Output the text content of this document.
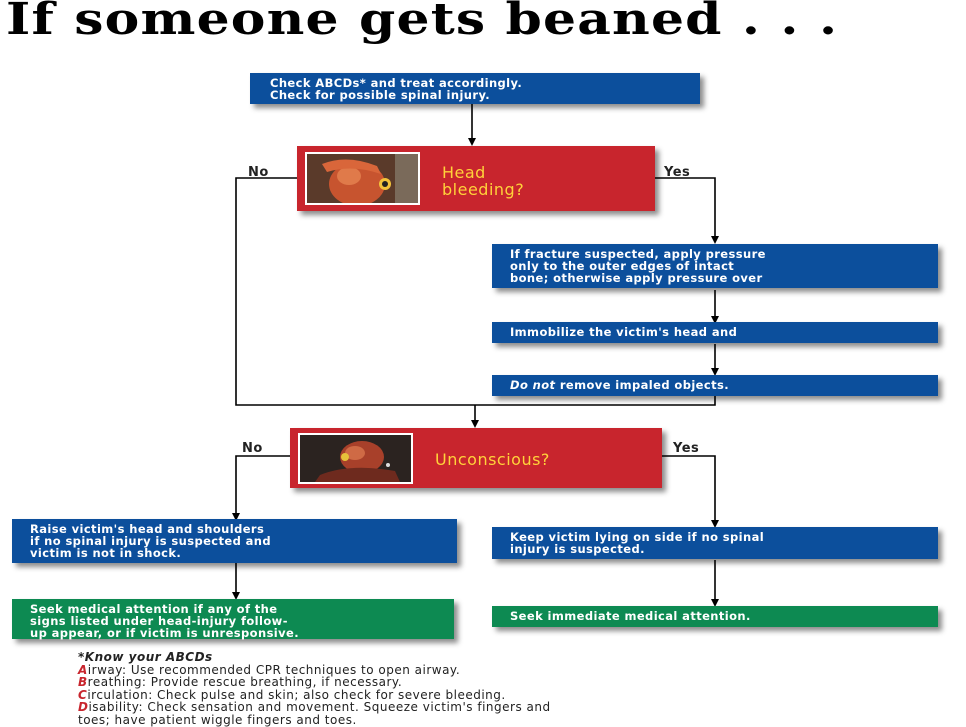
If someone gets beaned . . .
Check ABCDs* and treat accordingly.
Check for possible spinal injury.
Head
bleeding?
No	Yes
If fracture suspected, apply pressure
only to the outer edges of intact
bone; otherwise apply pressure over
Immobilize the victim's head and
Do not remove impaled objects.
Unconscious?
No	Yes
Raise victim's head and shoulders
if no spinal injury is suspected and
victim is not in shock.
Keep victim lying on side if no spinal
injury is suspected.
Seek medical attention if any of the
signs listed under head-injury follow-
up appear, or if victim is unresponsive.
Seek immediate medical attention.
*Know your ABCDs
Airway: Use recommended CPR techniques to open airway.
Breathing: Provide rescue breathing, if necessary.
Circulation: Check pulse and skin; also check for severe bleeding.
Disability: Check sensation and movement. Squeeze victim's fingers and
toes; have patient wiggle fingers and toes.
